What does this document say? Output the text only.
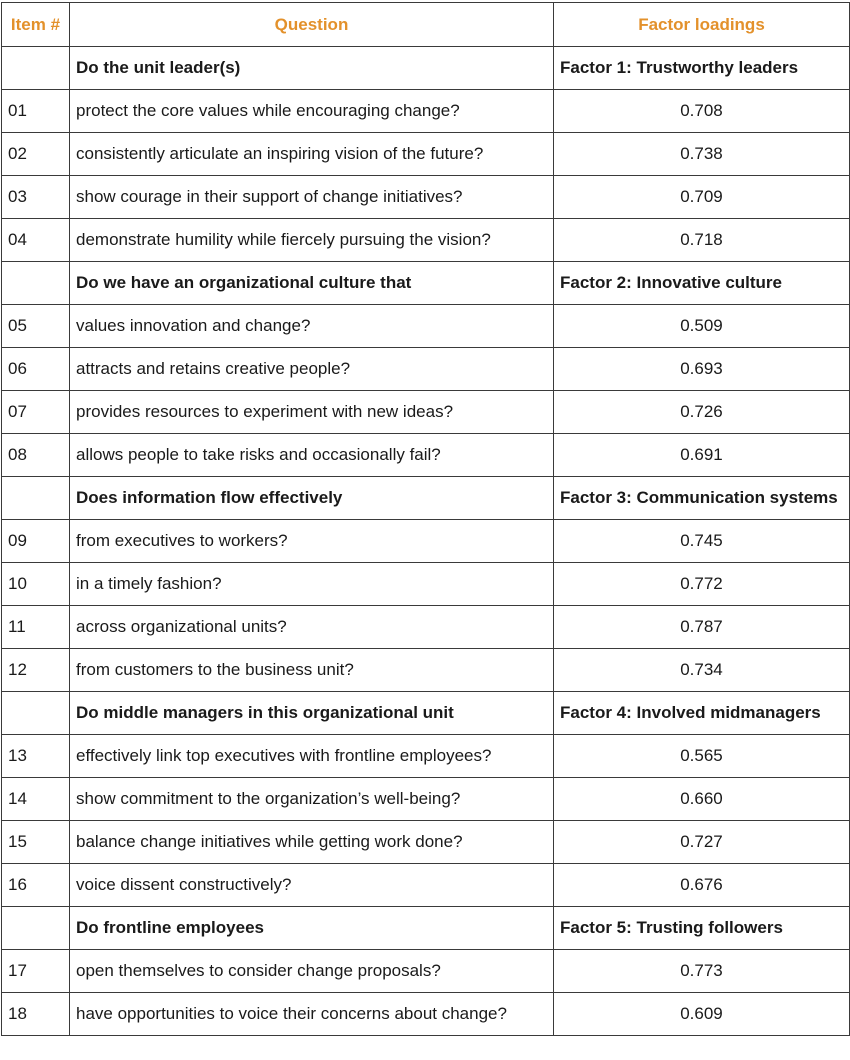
Item #	Question	Factor loadings
	Do the unit leader(s)	Factor 1: Trustworthy leaders
01	protect the core values while encouraging change?	0.708
02	consistently articulate an inspiring vision of the future?	0.738
03	show courage in their support of change initiatives?	0.709
04	demonstrate humility while fiercely pursuing the vision?	0.718
	Do we have an organizational culture that	Factor 2: Innovative culture
05	values innovation and change?	0.509
06	attracts and retains creative people?	0.693
07	provides resources to experiment with new ideas?	0.726
08	allows people to take risks and occasionally fail?	0.691
	Does information flow effectively	Factor 3: Communication systems
09	from executives to workers?	0.745
10	in a timely fashion?	0.772
11	across organizational units?	0.787
12	from customers to the business unit?	0.734
	Do middle managers in this organizational unit	Factor 4: Involved midmanagers
13	effectively link top executives with frontline employees?	0.565
14	show commitment to the organization’s well-being?	0.660
15	balance change initiatives while getting work done?	0.727
16	voice dissent constructively?	0.676
	Do frontline employees	Factor 5: Trusting followers
17	open themselves to consider change proposals?	0.773
18	have opportunities to voice their concerns about change?	0.609
